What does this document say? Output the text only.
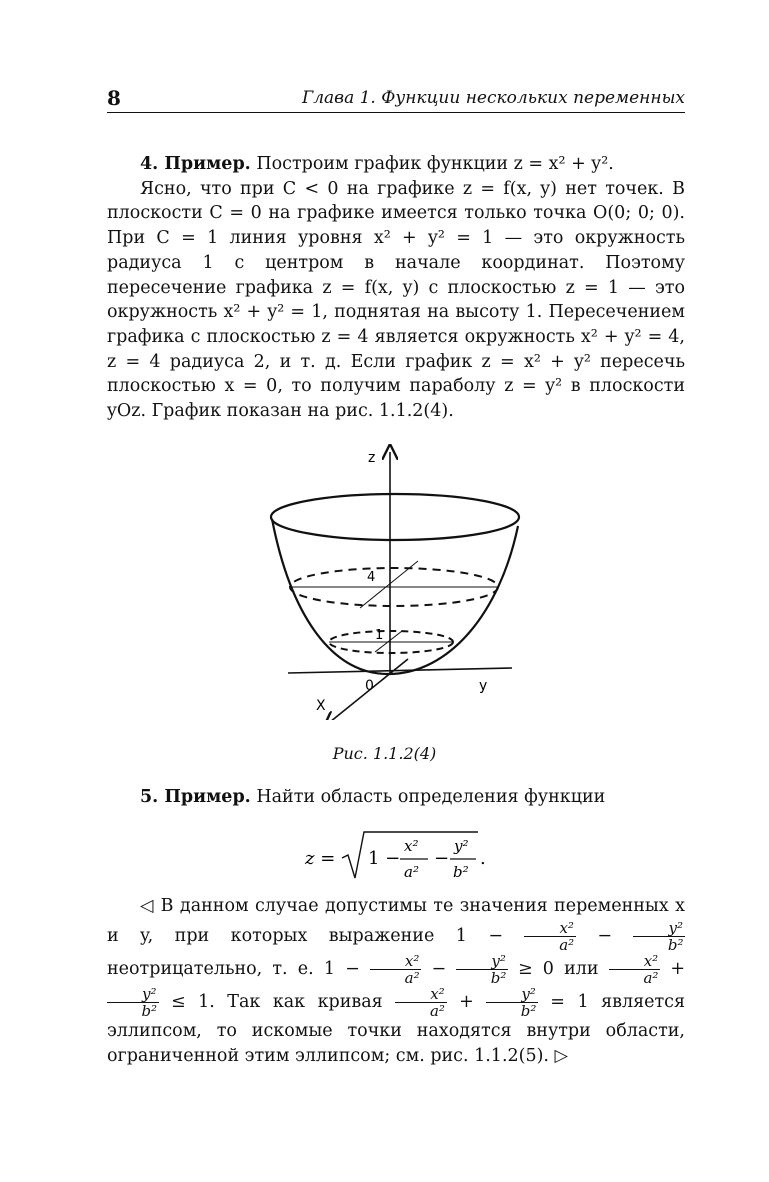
8	Глава 1. Функции нескольких переменных

4. Пример. Построим график функции z = x² + y².

Ясно, что при C < 0 на графике z = f(x, y) нет точек. В плоскости C = 0 на графике имеется только точка O(0; 0; 0). При C = 1 линия уровня x² + y² = 1 — это окружность радиуса 1 с центром в начале координат. Поэтому пересечение графика z = f(x, y) с плоскостью z = 1 — это окружность x² + y² = 1, поднятая на высоту 1. Пересечением графика с плоскостью z = 4 является окружность x² + y² = 4, z = 4 радиуса 2, и т. д. Если график z = x² + y² пересечь плоскостью x = 0, то получим параболу z = y² в плоскости yOz. График показан на рис. 1.1.2(4).

z
4
1
0	y
X
Рис. 1.1.2(4)

5. Пример. Найти область определения функции

z = 1 −
x²
a²
−
y²
b²
.

◁ В данном случае допустимы те значения переменных x и y, при которых выражение $1 - \frac{\text{x²}}{\text{a²}} - \frac{\text{y²}}{\text{b²}}$
неотрицательно, т. е. $1 - \frac{\text{x²}}{\text{a²}} - \frac{\text{y²}}{\text{b²}} \ge 0$ или $\frac{\text{x²}}{\text{a²}}$ +
$\frac{\text{y²}}{\text{b²}} \le 1$. Так как кривая $\frac{\text{x²}}{\text{a²}} + \frac{\text{y²}}{\text{b²}} = 1$ является эллипсом, то искомые точки находятся внутри области, ограниченной этим эллипсом; см. рис. 1.1.2(5). ▷
